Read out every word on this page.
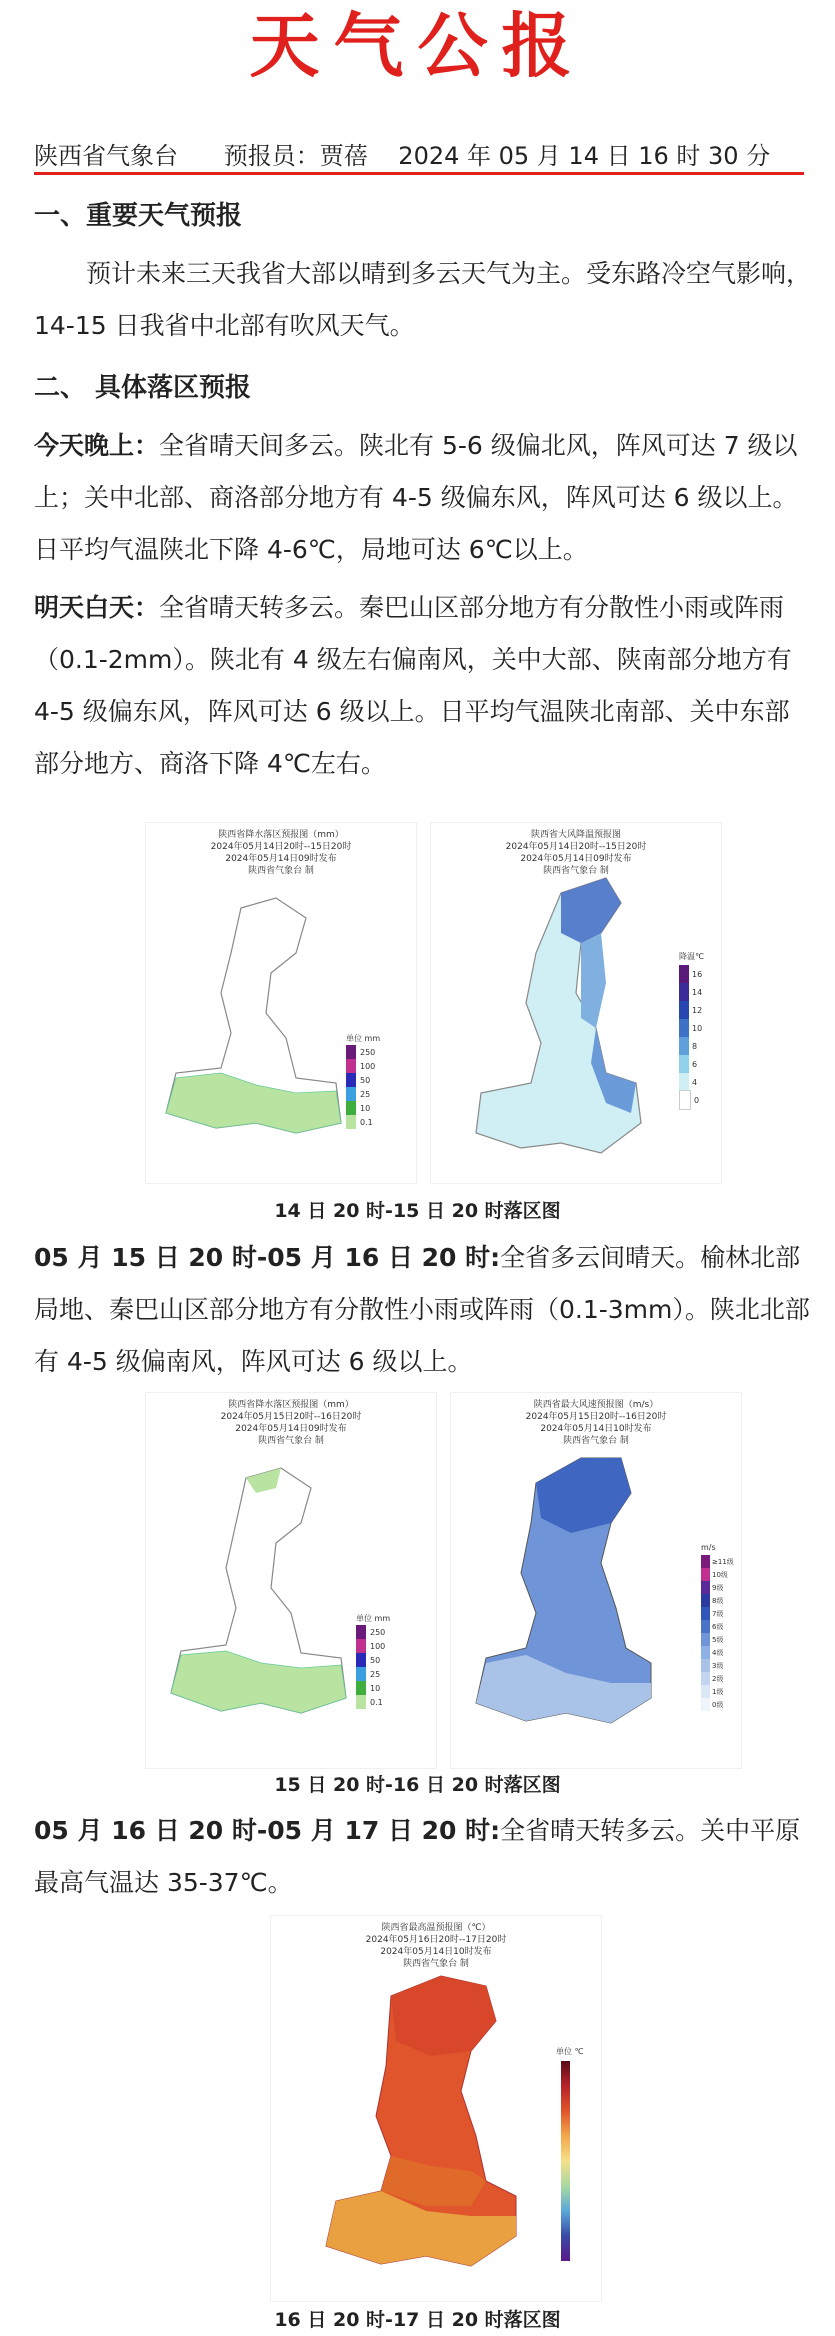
天气公报
陕西省气象台 预报员：贾蓓 2024 年 05 月 14 日 16 时 30 分
一、重要天气预报
预计未来三天我省大部以晴到多云天气为主。受东路冷空气影响，14-15 日我省中北部有吹风天气。
二、 具体落区预报
今天晚上：全省晴天间多云。陕北有 5-6 级偏北风，阵风可达 7 级以上；关中北部、商洛部分地方有 4-5 级偏东风，阵风可达 6 级以上。日平均气温陕北下降 4-6℃，局地可达 6℃以上。
明天白天：全省晴天转多云。秦巴山区部分地方有分散性小雨或阵雨（0.1-2mm）。陕北有 4 级左右偏南风，关中大部、陕南部分地方有 4-5 级偏东风，阵风可达 6 级以上。日平均气温陕北南部、关中东部部分地方、商洛下降 4℃左右。
陕西省降水落区预报图（mm）
2024年05月14日20时--15日20时
2024年05月14日09时发布
陕西省气象台 制
单位 mm
250
100
50
25
10
0.1
陕西省大风降温预报图
2024年05月14日20时--15日20时
2024年05月14日09时发布
陕西省气象台 制
降温℃
16
14
12
10
8
6
4
0
14 日 20 时-15 日 20 时落区图
05 月 15 日 20 时-05 月 16 日 20 时:全省多云间晴天。榆林北部局地、秦巴山区部分地方有分散性小雨或阵雨（0.1-3mm）。陕北北部有 4-5 级偏南风，阵风可达 6 级以上。
陕西省降水落区预报图（mm）
2024年05月15日20时--16日20时
2024年05月14日09时发布
陕西省气象台 制
单位 mm
250
100
50
25
10
0.1
陕西省最大风速预报图（m/s）
2024年05月15日20时--16日20时
2024年05月14日10时发布
陕西省气象台 制
m/s
≥11级
10级
9级
8级
7级
6级
5级
4级
3级
2级
1级
0级
15 日 20 时-16 日 20 时落区图
05 月 16 日 20 时-05 月 17 日 20 时:全省晴天转多云。关中平原最高气温达 35-37℃。
陕西省最高温预报图（℃）
2024年05月16日20时--17日20时
2024年05月14日10时发布
陕西省气象台 制
单位 ℃
16 日 20 时-17 日 20 时落区图
